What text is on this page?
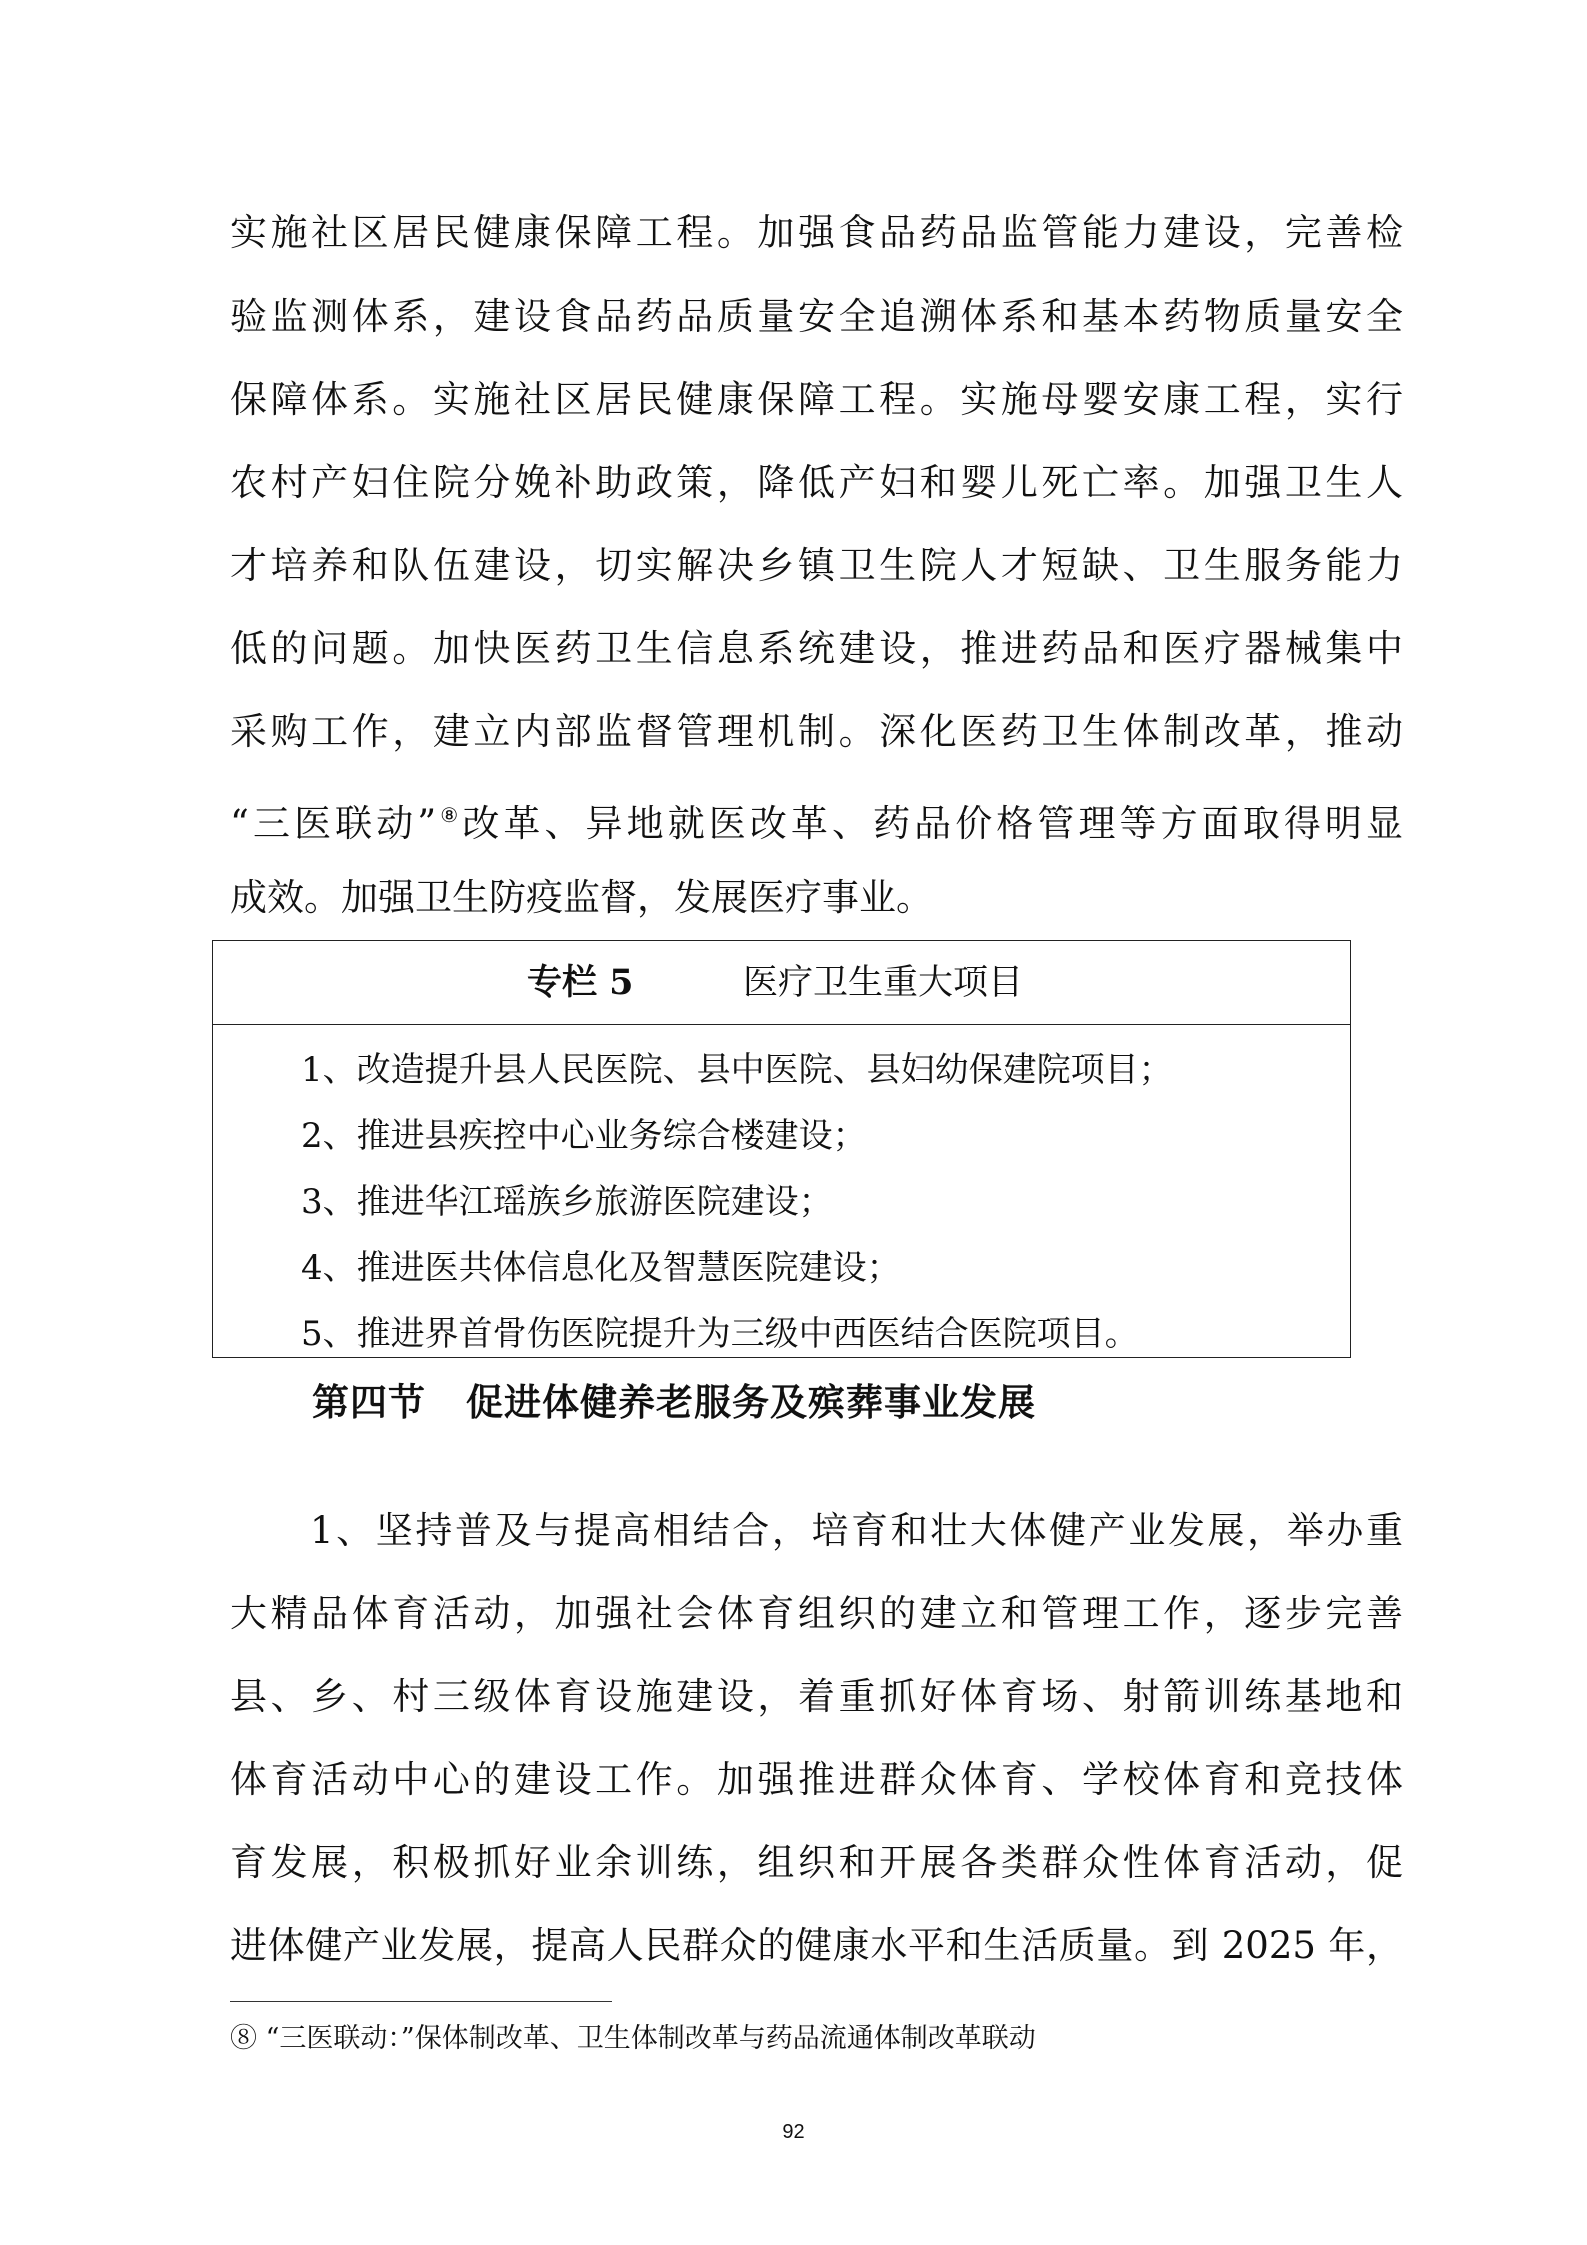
实施社区居民健康保障工程。加强食品药品监管能力建设，完善检
验监测体系，建设食品药品质量安全追溯体系和基本药物质量安全
保障体系。实施社区居民健康保障工程。实施母婴安康工程，实行
农村产妇住院分娩补助政策，降低产妇和婴儿死亡率。加强卫生人
才培养和队伍建设，切实解决乡镇卫生院人才短缺、卫生服务能力
低的问题。加快医药卫生信息系统建设，推进药品和医疗器械集中
采购工作，建立内部监督管理机制。深化医药卫生体制改革，推动
“三医联动”⑧改革、异地就医改革、药品价格管理等方面取得明显
成效。加强卫生防疫监督，发展医疗事业。
专栏 5	医疗卫生重大项目
1、改造提升县人民医院、县中医院、县妇幼保建院项目；
2、推进县疾控中心业务综合楼建设；
3、推进华江瑶族乡旅游医院建设；
4、推进医共体信息化及智慧医院建设；
5、推进界首骨伤医院提升为三级中西医结合医院项目。
第四节 促进体健养老服务及殡葬事业发展
1、坚持普及与提高相结合，培育和壮大体健产业发展，举办重
大精品体育活动，加强社会体育组织的建立和管理工作，逐步完善
县、乡、村三级体育设施建设，着重抓好体育场、射箭训练基地和
体育活动中心的建设工作。加强推进群众体育、学校体育和竞技体
育发展，积极抓好业余训练，组织和开展各类群众性体育活动，促
进体健产业发展，提高人民群众的健康水平和生活质量。到 2025 年，
⑧ “三医联动：”保体制改革、卫生体制改革与药品流通体制改革联动
92
